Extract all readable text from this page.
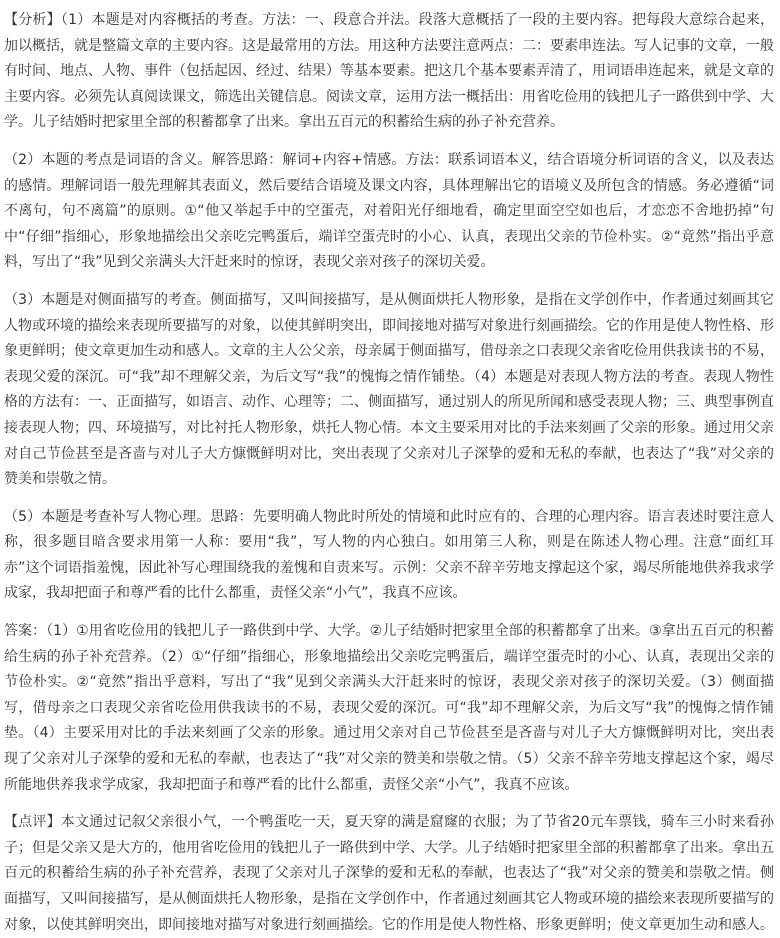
【分析】（1）本题是对内容概括的考查。方法：一、段意合并法。段落大意概括了一段的主要内容。把每段大意综合起来，加以概括，就是整篇文章的主要内容。这是最常用的方法。用这种方法要注意两点：二：要素串连法。写人记事的文章，一般有时间、地点、人物、事件（包括起因、经过、结果）等基本要素。把这几个基本要素弄清了，用词语串连起来，就是文章的主要内容。必须先认真阅读课文，筛选出关键信息。阅读文章，运用方法一概括出：用省吃俭用的钱把儿子一路供到中学、大学。儿子结婚时把家里全部的积蓄都拿了出来。拿出五百元的积蓄给生病的孙子补充营养。

（2）本题的考点是词语的含义。解答思路：解词+内容+情感。方法：联系词语本义，结合语境分析词语的含义，以及表达的感情。理解词语一般先理解其表面义，然后要结合语境及课文内容，具体理解出它的语境义及所包含的情感。务必遵循“词不离句，句不离篇”的原则。①“他又举起手中的空蛋壳，对着阳光仔细地看，确定里面空空如也后，才恋恋不舍地扔掉”句中“仔细”指细心，形象地描绘出父亲吃完鸭蛋后，端详空蛋壳时的小心、认真，表现出父亲的节俭朴实。②“竟然”指出乎意料，写出了“我”见到父亲满头大汗赶来时的惊讶，表现父亲对孩子的深切关爱。

（3）本题是对侧面描写的考查。侧面描写，又叫间接描写，是从侧面烘托人物形象，是指在文学创作中，作者通过刻画其它人物或环境的描绘来表现所要描写的对象，以使其鲜明突出，即间接地对描写对象进行刻画描绘。它的作用是使人物性格、形象更鲜明；使文章更加生动和感人。文章的主人公父亲，母亲属于侧面描写，借母亲之口表现父亲省吃俭用供我读书的不易，表现父爱的深沉。可“我”却不理解父亲，为后文写“我”的愧悔之情作铺垫。（4）本题是对表现人物方法的考查。表现人物性格的方法有：一、正面描写，如语言、动作、心理等；二、侧面描写，通过别人的所见所闻和感受表现人物；三、典型事例直接表现人物；四、环境描写，对比衬托人物形象，烘托人物心情。本文主要采用对比的手法来刻画了父亲的形象。通过用父亲对自己节俭甚至是吝啬与对儿子大方慷慨鲜明对比，突出表现了父亲对儿子深挚的爱和无私的奉献，也表达了“我”对父亲的赞美和崇敬之情。

（5）本题是考查补写人物心理。思路：先要明确人物此时所处的情境和此时应有的、合理的心理内容。语言表述时要注意人称，很多题目暗含要求用第一人称：要用“我”，写人物的内心独白。如用第三人称，则是在陈述人物心理。注意“面红耳赤”这个词语指羞愧，因此补写心理围绕我的羞愧和自责来写。示例：父亲不辞辛劳地支撑起这个家，竭尽所能地供养我求学成家，我却把面子和尊严看的比什么都重，责怪父亲“小气”，我真不应该。

答案：（1）①用省吃俭用的钱把儿子一路供到中学、大学。②儿子结婚时把家里全部的积蓄都拿了出来。③拿出五百元的积蓄给生病的孙子补充营养。（2）①“仔细”指细心，形象地描绘出父亲吃完鸭蛋后，端详空蛋壳时的小心、认真，表现出父亲的节俭朴实。②“竟然”指出乎意料，写出了“我”见到父亲满头大汗赶来时的惊讶，表现父亲对孩子的深切关爱。（3）侧面描写，借母亲之口表现父亲省吃俭用供我读书的不易，表现父爱的深沉。可“我”却不理解父亲，为后文写“我”的愧悔之情作铺垫。（4）主要采用对比的手法来刻画了父亲的形象。通过用父亲对自己节俭甚至是吝啬与对儿子大方慷慨鲜明对比，突出表现了父亲对儿子深挚的爱和无私的奉献，也表达了“我”对父亲的赞美和崇敬之情。（5）父亲不辞辛劳地支撑起这个家，竭尽所能地供养我求学成家，我却把面子和尊严看的比什么都重，责怪父亲“小气”，我真不应该。

【点评】本文通过记叙父亲很小气，一个鸭蛋吃一天，夏天穿的满是窟窿的衣服；为了节省20元车票钱，骑车三小时来看孙子；但是父亲又是大方的，他用省吃俭用的钱把儿子一路供到中学、大学。儿子结婚时把家里全部的积蓄都拿了出来。拿出五百元的积蓄给生病的孙子补充营养，表现了父亲对儿子深挚的爱和无私的奉献，也表达了“我”对父亲的赞美和崇敬之情。侧面描写，又叫间接描写，是从侧面烘托人物形象，是指在文学创作中，作者通过刻画其它人物或环境的描绘来表现所要描写的对象，以使其鲜明突出，即间接地对描写对象进行刻画描绘。它的作用是使人物性格、形象更鲜明；使文章更加生动和感人。
